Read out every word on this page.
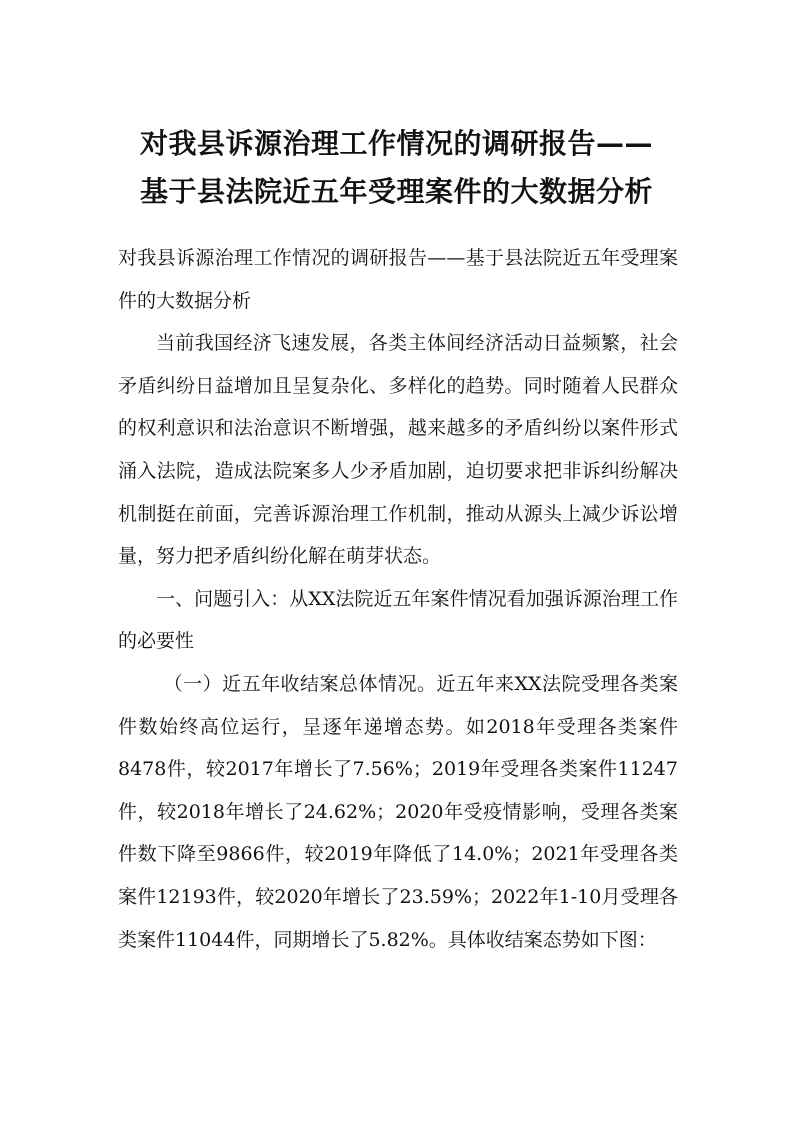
对我县诉源治理工作情况的调研报告——
基于县法院近五年受理案件的大数据分析

对我县诉源治理工作情况的调研报告——基于县法院近五年受理案件的大数据分析

当前我国经济飞速发展，各类主体间经济活动日益频繁，社会矛盾纠纷日益增加且呈复杂化、多样化的趋势。同时随着人民群众的权利意识和法治意识不断增强，越来越多的矛盾纠纷以案件形式涌入法院，造成法院案多人少矛盾加剧，迫切要求把非诉纠纷解决机制挺在前面，完善诉源治理工作机制，推动从源头上减少诉讼增量，努力把矛盾纠纷化解在萌芽状态。

一、问题引入：从XX法院近五年案件情况看加强诉源治理工作的必要性

（一）近五年收结案总体情况。近五年来XX法院受理各类案件数始终高位运行，呈逐年递增态势。如2018年受理各类案件8478件，较2017年增长了7.56%；2019年受理各类案件11247件，较2018年增长了24.62%；2020年受疫情影响，受理各类案件数下降至9866件，较2019年降低了14.0%；2021年受理各类案件12193件，较2020年增长了23.59%；2022年1-10月受理各类案件11044件，同期增长了5.82%。具体收结案态势如下图：
